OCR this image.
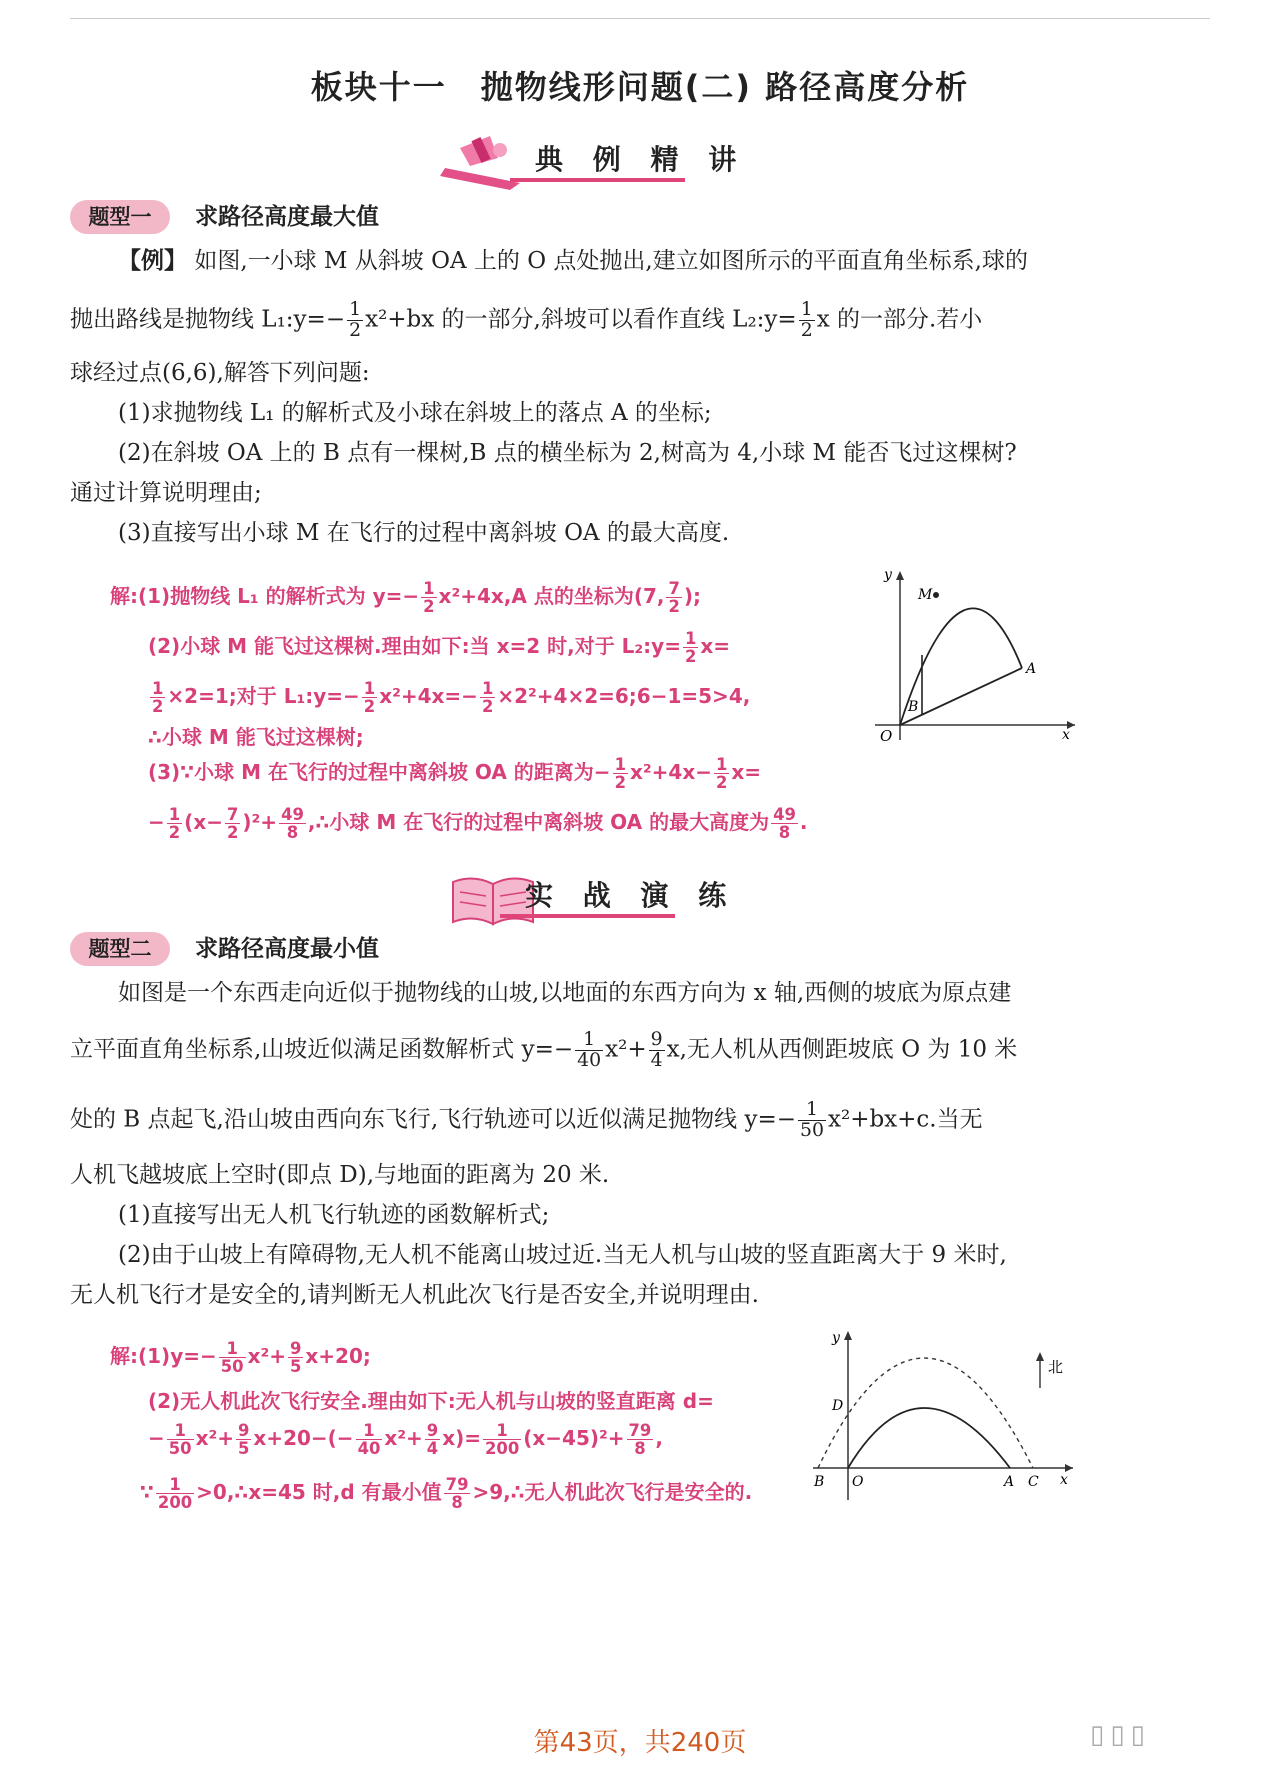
板块十一　抛物线形问题(二) 路径高度分析
典 例 精 讲
题型一	求路径高度最大值
【例】 如图,一小球 M 从斜坡 OA 上的 O 点处抛出,建立如图所示的平面直角坐标系,球的
抛出路线是抛物线 L₁:y=− $\frac{1}{2} x^2+bx$ 的一部分,斜坡可以看作直线 L₂:y= $\frac{1}{2}$ x 的一部分.若小
球经过点(6,6),解答下列问题:
(1)求抛物线 L₁ 的解析式及小球在斜坡上的落点 A 的坐标;
(2)在斜坡 OA 上的 B 点有一棵树,B 点的横坐标为 2,树高为 4,小球 M 能否飞过这棵树?
通过计算说明理由;
(3)直接写出小球 M 在飞行的过程中离斜坡 OA 的最大高度.
解:(1)抛物线 L₁ 的解析式为 $y=- \frac{1}{2} x^2+4x,A$ 点的坐标为(7, $\frac{7}{2}$ );
(2)小球 M 能飞过这棵树.理由如下:当 x=2 时,对于 L₂:y= $\frac{1}{2} x=$
$\frac{1}{2} \times 2=1$;对于 L₁:y=− $\frac{1}{2} x^2+4x=- \frac{1}{2}$ ×2²+4×2=6;6−1=5>4,
∴小球 M 能飞过这棵树;
(3)∵小球 M 在飞行的过程中离斜坡 OA 的距离为− $\frac{1}{2} x^2+4x- \frac{1}{2} x=$
− $\frac{1}{2} (x- \frac{7}{2} )^2+ \frac{49}{8}$ ,∴小球 M 在飞行的过程中离斜坡 OA 的最大高度为 $\frac{49}{8}$ .
y
x
O
M
A
B
实 战 演 练
题型二	求路径高度最小值
如图是一个东西走向近似于抛物线的山坡,以地面的东西方向为 x 轴,西侧的坡底为原点建
立平面直角坐标系,山坡近似满足函数解析式 $y=- \frac{1}{40} x^2+ \frac{9}{4} x$,无人机从西侧距坡底 O 为 10 米
处的 B 点起飞,沿山坡由西向东飞行,飞行轨迹可以近似满足抛物线 $y=- \frac{1}{50} x^2+bx+c$.当无
人机飞越坡底上空时(即点 D),与地面的距离为 20 米.
(1)直接写出无人机飞行轨迹的函数解析式;
(2)由于山坡上有障碍物,无人机不能离山坡过近.当无人机与山坡的竖直距离大于 9 米时,
无人机飞行才是安全的,请判断无人机此次飞行是否安全,并说明理由.
解:(1)y=− $\frac{1}{50} x^2+ \frac{9}{5} x+20$;
(2)无人机此次飞行安全.理由如下:无人机与山坡的竖直距离 d=
− $\frac{1}{50} x^2+ \frac{9}{5} x+20-(- \frac{1}{40} x^2+ \frac{9}{4} x)= \frac{1}{200} (x-45)^2+ \frac{79}{8}$ ,
∵ $\frac{1}{200}$ >0,∴x=45 时,d 有最小值 $\frac{79}{8}$ >9,∴无人机此次飞行是安全的.
北
y
x
O
D
B	A C
第43页，共240页	▯▯▯
